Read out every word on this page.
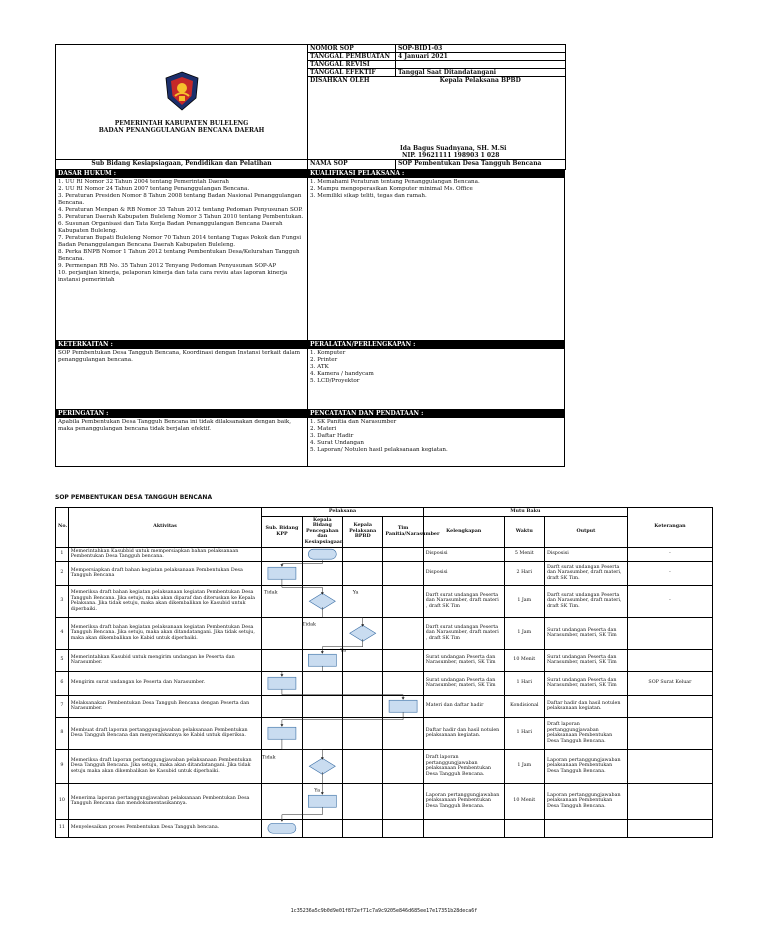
PEMERINTAH KABUPATEN BULELENG
BADAN PENANGGULANGAN BENCANA DAERAH	NOMOR SOP	SOP-BID1-03
	TANGGAL PEMBUATAN	4 Januari 2021
	TANGGAL REVISI	
	TANGGAL EFEKTIF	Tanggal Saat Ditandatangani
	DISAHKAN OLEH	Kepala Pelaksana BPBD

	Ida Bagus Suadnyana, SH. M.Si
NIP. 19621111 198903 1 028	

Sub Bidang Kesiapsiagaan, Pendidikan dan Pelatihan	NAMA SOP	SOP Pembentukan Desa Tangguh Bencana
DASAR HUKUM :
1. UU RI Nomor 32 Tahun 2004 tentang Pemerintah Daerah
2. UU RI Nomor 24 Tahun 2007 tentang Penanggulangan Bencana.
3. Peraturan Presiden Nomor 8 Tahun 2008 tentang Badan Nasional Penanggulangan Bencana.
4. Peraturan Menpan & RB Nomor 35 Tahun 2012 tentang Pedoman Penyusunan SOP.
5. Peraturan Daerah Kabupaten Buleleng Nomor 3 Tahun 2010 tentang Pembentukan.
6. Susunan Organisasi dan Tata Kerja Badan Penanggulangan Bencana Daerah Kabupaten Buleleng.
7. Peraturan Bupati Buleleng Nomor 70 Tahun 2014 tentang Tugas Pokok dan Fungsi Badan Penanggulangan Bencana Daerah Kabupaten Buleleng.
8. Perka BNPB Nomor 1 Tahun 2012 tentang Pembentukan Desa/Kelurahan Tangguh Bencana.
9. Permenpan RB No. 35 Tahun 2012 Tenyang Pedoman Penyusunan SOP-AP
10. perjanjian kinerja, pelaporan kinerja dan tata cara reviu atas laporan kinerja instansi pemerintah
KUALIFIKASI PELAKSANA :
1. Memahami Peraturan tentang Penanggulangan Bencana.
2. Mampu mengoperasikan Komputer minimal Ms. Office
3. Memiliki sikap teliti, tegas dan ramah.
KETERKAITAN :
SOP Pembentukan Desa Tangguh Bencana, Koordinasi dengan Instansi terkait dalam penanggulangan bencana.
PERALATAN/PERLENGKAPAN :
1. Komputer
2. Printer
3. ATK
4. Kamera / handycam
5. LCD/Proyektor
PERINGATAN :
Apabila Pembentukan Desa Tangguh Bencana ini tidak dilaksanakan dengan baik, maka penanggulangan bencana tidak berjalan efektif.
PENCATATAN DAN PENDATAAN :
1. SK Panitia dan Narasumber
2. Materi
3. Daftar Hadir
4. Surat Undangan
5. Laporan/ Notulen hasil pelaksanaan kegiatan.
SOP PEMBENTUKAN DESA TANGGUH BENCANA
No.	Aktivitas	Pelaksana				Mutu Baku			Keterangan
		Sub. Bidang KPP	Kepala Bidang Pencegahan dan Kesiapsiagaan	Kepala Pelaksana BPBD	Tim Panitia/Narasumber	Kelengkapan	Waktu	Output	
1	Memerintahkan Kasubbid untuk mempersiapkan bahan pelaksanaan Pembentukan Desa Tangguh bencana.					Disposisi	5 Menit	Disposisi	-
2	Mempersiapkan draft bahan kegiatan pelaksanaan Pembentukan Desa Tangguh Bencana					Disposisi	2 Hari	Darft surat undangan Peserta dan Narasumber, draft materi, draft SK Tim.	-
3	Memeriksa draft bahan kegiatan pelaksanaan kegiatan Pembentukan Desa Tangguh Bencana. Jika setuju, maka akan diparaf dan diteruskan ke Kepala Pelaksana. Jika tidak setuju, maka akan dikembalikan ke Kasubid untuk diperbaiki.					Darft surat undangan Peserta dan Narasumber, draft materi , draft SK Tim	1 Jam	Darft surat undangan Peserta dan Narasumber, draft materi, draft SK Tim.	-
4	Memeriksa draft bahan kegiatan pelaksanaan kegiatan Pembentukan Desa Tangguh Bencana. Jika setuju, maka akan ditandatangani. Jika tidak setuju, maka akan dikembalikan ke Kabid untuk diperbaiki.					Darft surat undangan Peserta dan Narasumber, draft materi , draft SK Tim	1 Jam	Surat undangan Peserta dan Narasumber, materi, SK Tim	
5	Memerintahkan Kasubid untuk mengirim undangan ke Peserta dan Narasumber.					Surat undangan Peserta dan Narasumber, materi, SK Tim	10 Menit	Surat undangan Peserta dan Narasumber, materi, SK Tim	
6	Mengirim surat undangan ke Peserta dan Narasumber.					Surat undangan Peserta dan Narasumber, materi, SK Tim	1 Hari	Surat undangan Peserta dan Narasumber, materi, SK Tim	SOP Surat Keluar
7	Melaksanakan Pembentukan Desa Tangguh Bencana dengan Peserta dan Narasumber.					Materi dan daftar hadir	Kondisional	Daftar hadir dan hasil notulen pelaksanaan kegiatan.	
8	Membuat draft laporan pertanggungjawaban pelaksanaan Pembentukan Desa Tangguh Bencana dan menyerahkannya ke Kabid untuk diperiksa.					Daftar hadir dan hasil notulen pelaksanaan kegiatan.	1 Hari	Draft laporan pertanggungjawaban pelaksanaan Pembentukan Desa Tangguh Bencana.	
9	Memeriksa draft laporan pertanggungjawaban pelaksanaan Pembentukan Desa Tangguh Bencana. Jika setuju, maka akan ditandatangani. Jika tidak setuju maka akan dikembalikan ke Kasubid untuk diperbaiki.					Draft laporan pertanggungjawaban pelaksanaan Pembentukan Desa Tangguh Bencana.	1 Jam	Laporan pertanggungjawaban pelaksanaan Pembentukan Desa Tangguh Bencana.	
10	Menerima laporan pertanggungjawaban pelaksanaan Pembentukan Desa Tangguh Bencana dan mendokumentasikannya.					Laporan pertanggungjawaban pelaksanaan Pembentukan Desa Tangguh Bencana.	10 Menit	Laporan pertanggungjawaban pelaksanaan Pembentukan Desa Tangguh Bencana.	
11	Menyelesaikan proses Pembentukan Desa Tangguh bencana.								
Tidak	Ya
Tidak
Ya
Tidak
Ya
1c35236a5c9b0d9e01f872ef71c7a9c9205e846d685ee17e17351b28deca6f
